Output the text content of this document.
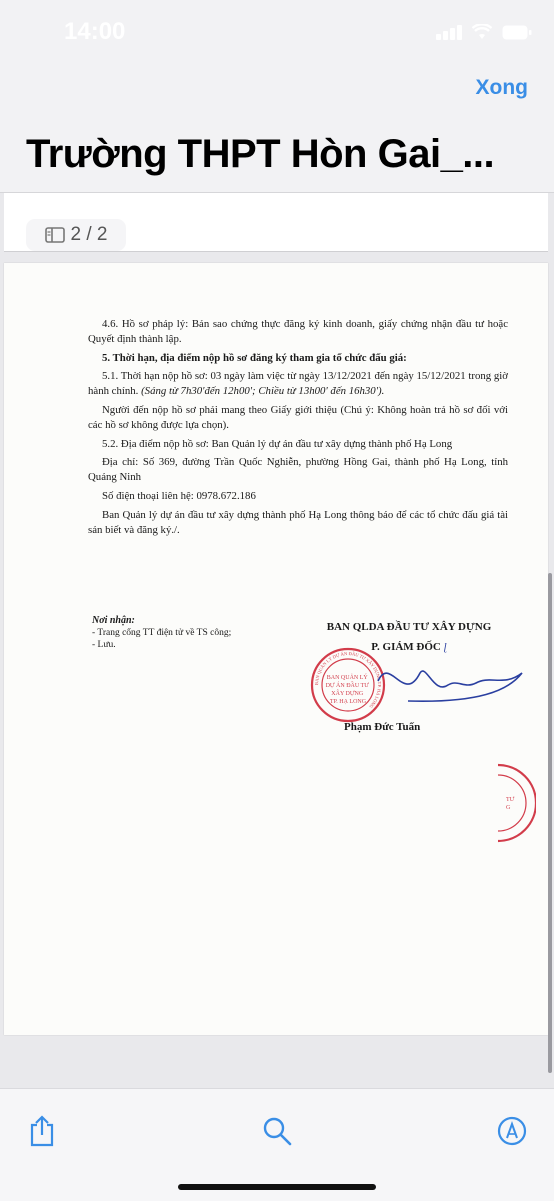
14:00
Xong
Trường THPT Hòn Gai_...
2 / 2

4.6. Hồ sơ pháp lý: Bản sao chứng thực đăng ký kinh doanh, giấy chứng nhận đầu tư hoặc Quyết định thành lập.

5. Thời hạn, địa điểm nộp hồ sơ đăng ký tham gia tổ chức đấu giá:

5.1. Thời hạn nộp hồ sơ: 03 ngày làm việc từ ngày 13/12/2021 đến ngày 15/12/2021 trong giờ hành chính. (Sáng từ 7h30'đến 12h00'; Chiều từ 13h00' đến 16h30').

Người đến nộp hồ sơ phải mang theo Giấy giới thiệu (Chú ý: Không hoàn trả hồ sơ đối với các hồ sơ không được lựa chọn).

5.2. Địa điểm nộp hồ sơ: Ban Quản lý dự án đầu tư xây dựng thành phố Hạ Long

Địa chỉ: Số 369, đường Trần Quốc Nghiễn, phường Hồng Gai, thành phố Hạ Long, tỉnh Quảng Ninh

Số điện thoại liên hệ: 0978.672.186

Ban Quản lý dự án đầu tư xây dựng thành phố Hạ Long thông báo để các tổ chức đấu giá tài sản biết và đăng ký./.

Nơi nhận:
- Trang cổng TT điện tử về TS công;
- Lưu.
BAN QLDA ĐẦU TƯ XÂY DỰNG
P. GIÁM ĐỐC ɭ
BAN QUẢN LÝ DỰ ÁN ĐẦU TƯ XÂY DỰNG TP. HẠ LONG
BAN QUẢN LÝ DỰ ÁN ĐẦU TƯ XÂY DỰNG TP. HẠ LONG
Phạm Đức Tuấn
TƯ
G
